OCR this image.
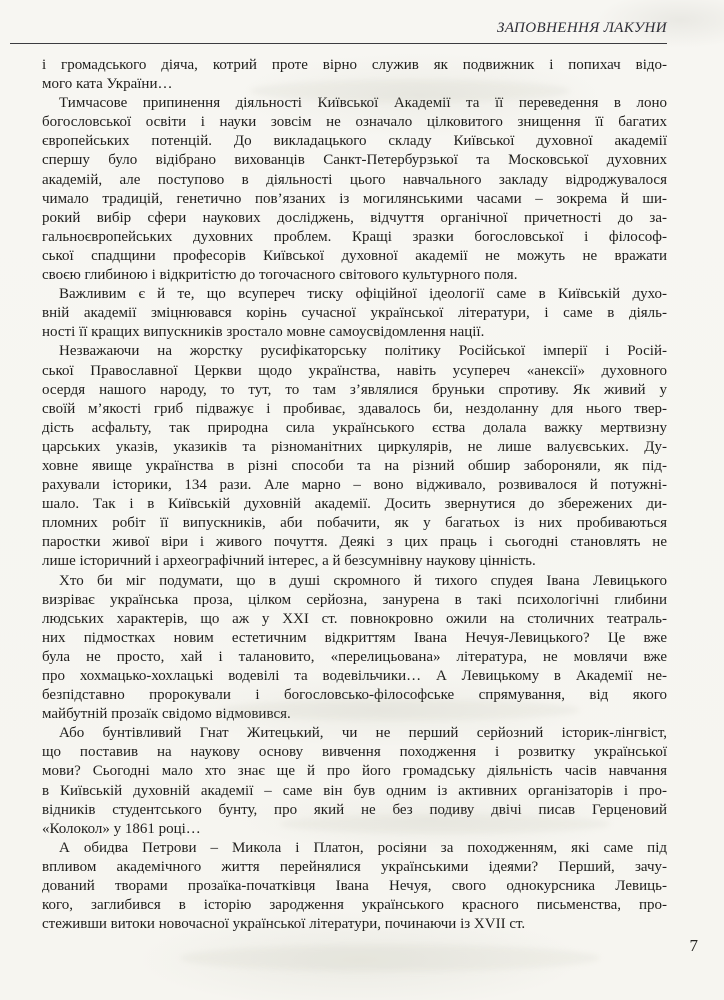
ЗАПОВНЕННЯ ЛАКУНИ
і громадського діяча, котрий проте вірно служив як подвижник і попихач відо-
мого ката України…
Тимчасове припинення діяльності Київської Академії та її переведення в лоно
богословської освіти і науки зовсім не означало цілковитого знищення її багатих
європейських потенцій. До викладацького складу Київської духовної академії
спершу було відібрано вихованців Санкт-Петербурзької та Московської духовних
академій, але поступово в діяльності цього навчального закладу відроджувалося
чимало традицій, генетично пов’язаних із могилянськими часами – зокрема й ши-
рокий вибір сфери наукових досліджень, відчуття органічної причетності до за-
гальноєвропейських духовних проблем. Кращі зразки богословської і філософ-
ської спадщини професорів Київської духовної академії не можуть не вражати
своєю глибиною і відкритістю до тогочасного світового культурного поля.
Важливим є й те, що всупереч тиску офіційної ідеології саме в Київській духо-
вній академії зміцнювався корінь сучасної української літератури, і саме в діяль-
ності її кращих випускників зростало мовне самоусвідомлення нації.
Незважаючи на жорстку русифікаторську політику Російської імперії і Росій-
ської Православної Церкви щодо українства, навіть усупереч «анексії» духовного
осердя нашого народу, то тут, то там з’являлися бруньки спротиву. Як живий у
своїй м’якості гриб підважує і пробиває, здавалось би, нездоланну для нього твер-
дість асфальту, так природна сила українського єства долала важку мертвизну
царських указів, указиків та різноманітних циркулярів, не лише валуєвських. Ду-
ховне явище українства в різні способи та на різний обшир забороняли, як під-
рахували історики, 134 рази. Але марно – воно відживало, розвивалося й потужні-
шало. Так і в Київській духовній академії. Досить звернутися до збережених ди-
пломних робіт її випускників, аби побачити, як у багатьох із них пробиваються
паростки живої віри і живого почуття. Деякі з цих праць і сьогодні становлять не
лише історичний і археографічний інтерес, а й безсумнівну наукову цінність.
Хто би міг подумати, що в душі скромного й тихого спудея Івана Левицького
визріває українська проза, цілком серйозна, занурена в такі психологічні глибини
людських характерів, що аж у XXI ст. повнокровно ожили на столичних театраль-
них підмостках новим естетичним відкриттям Івана Нечуя-Левицького? Це вже
була не просто, хай і талановито, «перелицьована» література, не мовлячи вже
про хохмацько-хохлацькі водевілі та водевільчики… А Левицькому в Академії не-
безпідставно пророкували і богословсько-філософське спрямування, від якого
майбутній прозаїк свідомо відмовився.
Або бунтівливий Гнат Житецький, чи не перший серйозний історик-лінгвіст,
що поставив на наукову основу вивчення походження і розвитку української
мови? Сьогодні мало хто знає ще й про його громадську діяльність часів навчання
в Київській духовній академії – саме він був одним із активних організаторів і про-
відників студентського бунту, про який не без подиву двічі писав Герценовий
«Колокол» у 1861 році…
А обидва Петрови – Микола і Платон, росіяни за походженням, які саме під
впливом академічного життя перейнялися українськими ідеями? Перший, зачу-
дований творами прозаїка-початківця Івана Нечуя, свого однокурсника Левиць-
кого, заглибився в історію зародження українського красного письменства, про-
стеживши витоки новочасної української літератури, починаючи із XVII ст.
7
